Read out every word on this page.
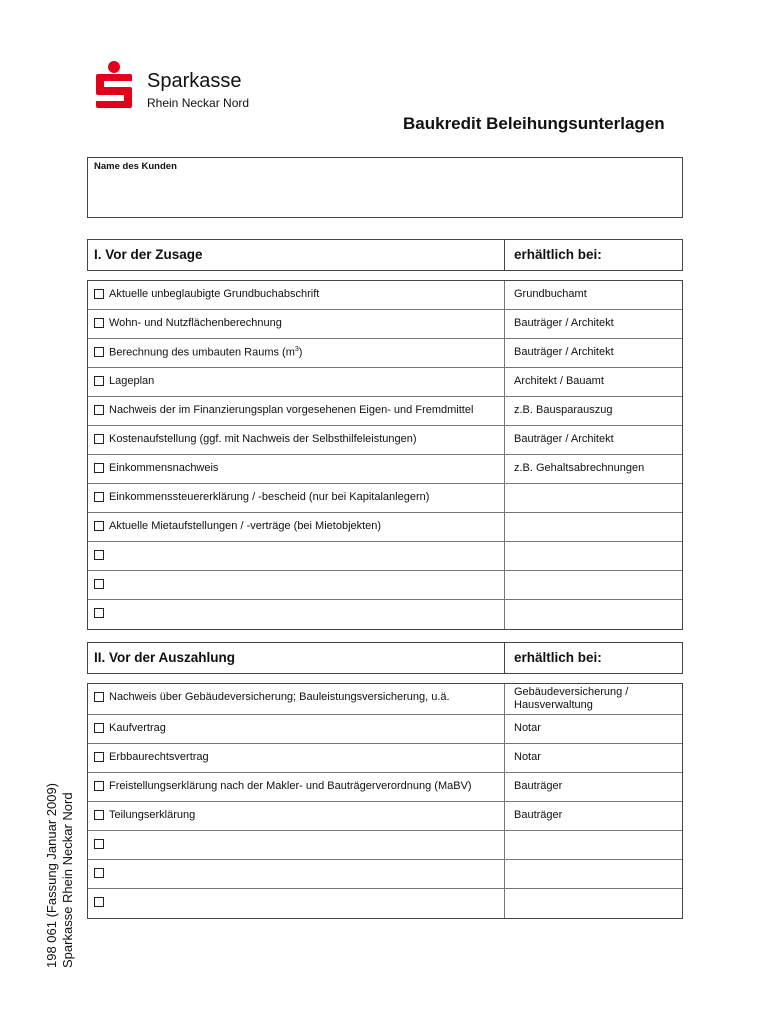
Sparkasse
Rhein Neckar Nord
Baukredit Beleihungsunterlagen
Name des Kunden
I. Vor der Zusage	erhältlich bei:
Aktuelle unbeglaubigte Grundbuchabschrift	Grundbuchamt
Wohn- und Nutzflächenberechnung	Bauträger / Architekt
Berechnung des umbauten Raums $(m^3)$	Bauträger / Architekt
Lageplan	Architekt / Bauamt
Nachweis der im Finanzierungsplan vorgesehenen Eigen- und Fremdmittel	z.B. Bausparauszug
Kostenaufstellung (ggf. mit Nachweis der Selbsthilfeleistungen)	Bauträger / Architekt
Einkommensnachweis	z.B. Gehaltsabrechnungen
Einkommenssteuererklärung / -bescheid (nur bei Kapitalanlegern)
Aktuelle Mietaufstellungen / -verträge (bei Mietobjekten)
II. Vor der Auszahlung	erhältlich bei:
Nachweis über Gebäudeversicherung; Bauleistungsversicherung, u.ä.	Gebäudeversicherung / Hausverwaltung
Kaufvertrag	Notar
Erbbaurechtsvertrag	Notar
Freistellungserklärung nach der Makler- und Bauträgerverordnung (MaBV)	Bauträger
Teilungserklärung	Bauträger
198 061 (Fassung Januar 2009) Sparkasse Rhein Neckar Nord
